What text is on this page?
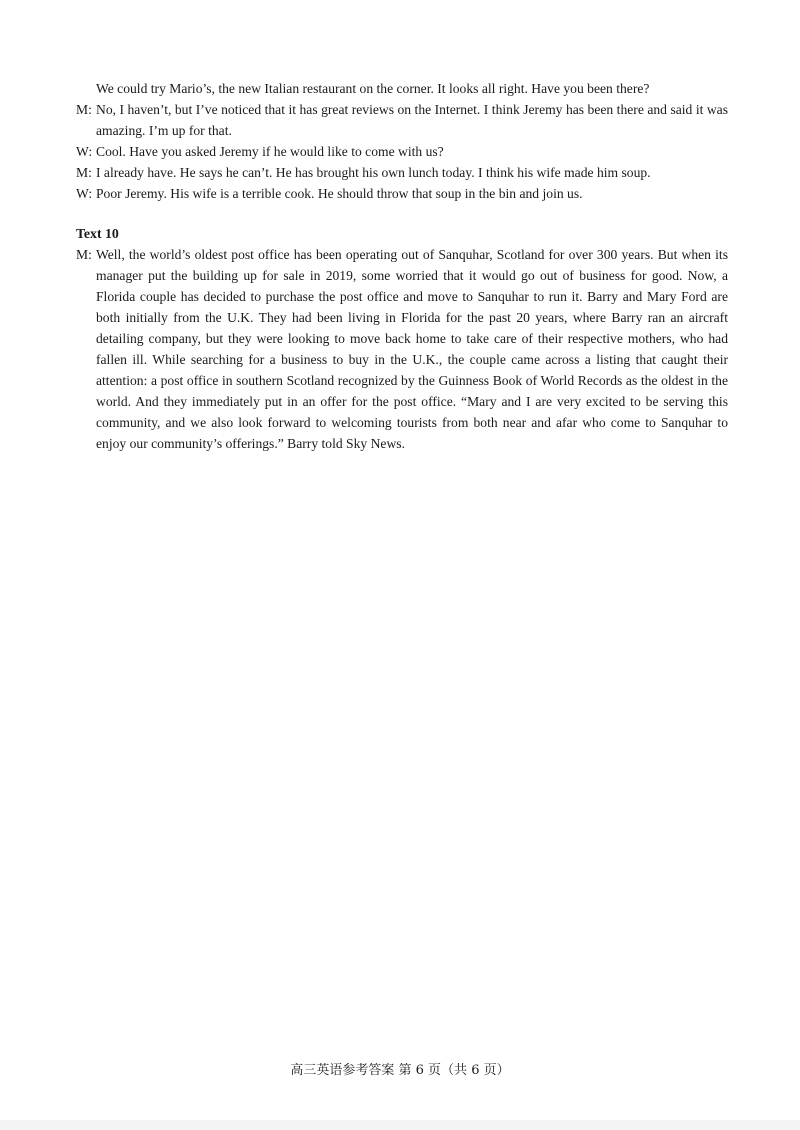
We could try Mario’s, the new Italian restaurant on the corner. It looks all right. Have you been there?
M: No, I haven’t, but I’ve noticed that it has great reviews on the Internet. I think Jeremy has been there and said it was amazing. I’m up for that.
W: Cool. Have you asked Jeremy if he would like to come with us?
M: I already have. He says he can’t. He has brought his own lunch today. I think his wife made him soup.
W: Poor Jeremy. His wife is a terrible cook. He should throw that soup in the bin and join us.
Text 10
M: Well, the world’s oldest post office has been operating out of Sanquhar, Scotland for over 300 years. But when its manager put the building up for sale in 2019, some worried that it would go out of business for good. Now, a Florida couple has decided to purchase the post office and move to Sanquhar to run it. Barry and Mary Ford are both initially from the U.K. They had been living in Florida for the past 20 years, where Barry ran an aircraft detailing company, but they were looking to move back home to take care of their respective mothers, who had fallen ill. While searching for a business to buy in the U.K., the couple came across a listing that caught their attention: a post office in southern Scotland recognized by the Guinness Book of World Records as the oldest in the world. And they immediately put in an offer for the post office. “Mary and I are very excited to be serving this community, and we also look forward to welcoming tourists from both near and afar who come to Sanquhar to enjoy our community’s offerings.” Barry told Sky News.
高三英语参考答案 第 6 页（共 6 页）
